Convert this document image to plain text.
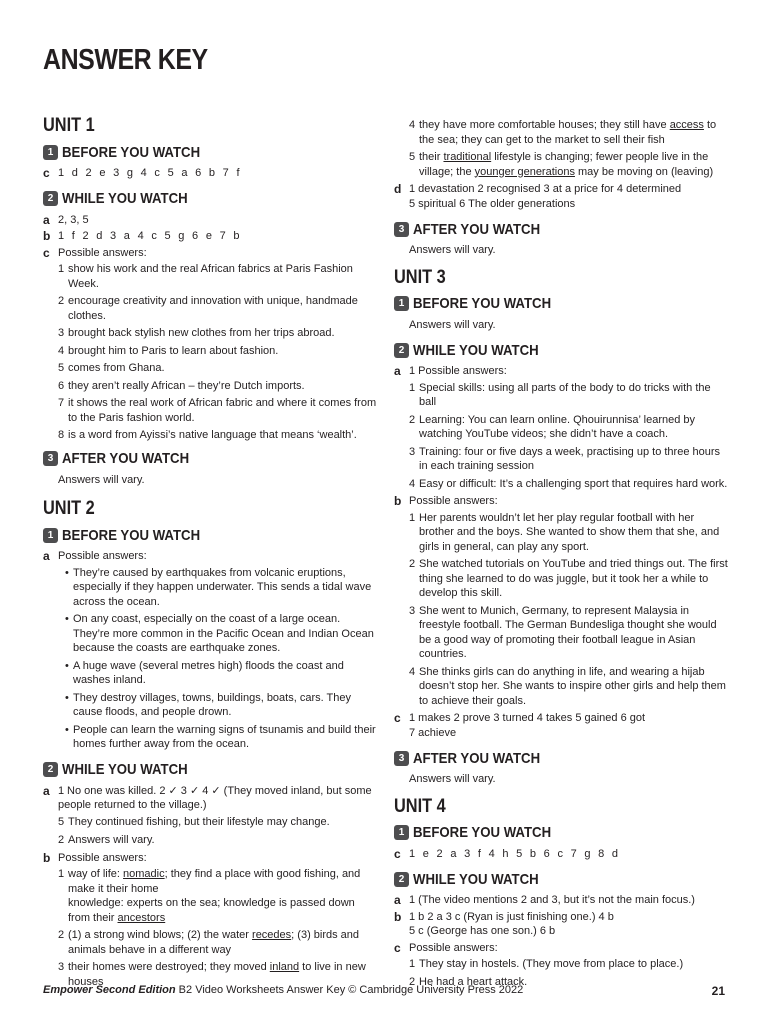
ANSWER KEY
UNIT 1
1 BEFORE YOU WATCH
c 1 d 2 e 3 g 4 c 5 a 6 b 7 f
2 WHILE YOU WATCH
a 2, 3, 5
b 1 f 2 d 3 a 4 c 5 g 6 e 7 b
c Possible answers:
1 show his work and the real African fabrics at Paris Fashion Week.
2 encourage creativity and innovation with unique, handmade clothes.
3 brought back stylish new clothes from her trips abroad.
4 brought him to Paris to learn about fashion.
5 comes from Ghana.
6 they aren’t really African – they’re Dutch imports.
7 it shows the real work of African fabric and where it comes from to the Paris fashion world.
8 is a word from Ayissi’s native language that means ‘wealth’.
3 AFTER YOU WATCH
Answers will vary.
UNIT 2
1 BEFORE YOU WATCH
a Possible answers:
• They’re caused by earthquakes from volcanic eruptions, especially if they happen underwater. This sends a tidal wave across the ocean.
• On any coast, especially on the coast of a large ocean. They’re more common in the Pacific Ocean and Indian Ocean because the coasts are earthquake zones.
• A huge wave (several metres high) floods the coast and washes inland.
• They destroy villages, towns, buildings, boats, cars. They cause floods, and people drown.
• People can learn the warning signs of tsunamis and build their homes further away from the ocean.
2 WHILE YOU WATCH
a 1 No one was killed. 2 ✓ 3 ✓ 4 ✓ (They moved inland, but some people returned to the village.)
5 They continued fishing, but their lifestyle may change.
2 Answers will vary.
b Possible answers:
1 way of life: nomadic; they find a place with good fishing, and make it their home
knowledge: experts on the sea; knowledge is passed down from their ancestors
2 (1) a strong wind blows; (2) the water recedes; (3) birds and animals behave in a different way
3 their homes were destroyed; they moved inland to live in new houses
4 they have more comfortable houses; they still have access to the sea; they can get to the market to sell their fish
5 their traditional lifestyle is changing; fewer people live in the village; the younger generations may be moving on (leaving)
d 1 devastation 2 recognised 3 at a price for 4 determined
5 spiritual 6 The older generations
3 AFTER YOU WATCH
Answers will vary.
UNIT 3
1 BEFORE YOU WATCH
Answers will vary.
2 WHILE YOU WATCH
a 1 Possible answers:
1 Special skills: using all parts of the body to do tricks with the ball
2 Learning: You can learn online. Qhouirunnisa’ learned by watching YouTube videos; she didn’t have a coach.
3 Training: four or five days a week, practising up to three hours in each training session
4 Easy or difficult: It’s a challenging sport that requires hard work.
b Possible answers:
1 Her parents wouldn’t let her play regular football with her brother and the boys. She wanted to show them that she, and girls in general, can play any sport.
2 She watched tutorials on YouTube and tried things out. The first thing she learned to do was juggle, but it took her a while to develop this skill.
3 She went to Munich, Germany, to represent Malaysia in freestyle football. The German Bundesliga thought she would be a good way of promoting their football league in Asian countries.
4 She thinks girls can do anything in life, and wearing a hijab doesn’t stop her. She wants to inspire other girls and help them to achieve their goals.
c 1 makes 2 prove 3 turned 4 takes 5 gained 6 got
7 achieve
3 AFTER YOU WATCH
Answers will vary.
UNIT 4
1 BEFORE YOU WATCH
c 1 e 2 a 3 f 4 h 5 b 6 c 7 g 8 d
2 WHILE YOU WATCH
a 1 (The video mentions 2 and 3, but it’s not the main focus.)
b 1 b 2 a 3 c (Ryan is just finishing one.) 4 b
5 c (George has one son.) 6 b
c Possible answers:
1 They stay in hostels. (They move from place to place.)
2 He had a heart attack.
Empower Second Edition B2 Video Worksheets Answer Key © Cambridge University Press 2022	21
